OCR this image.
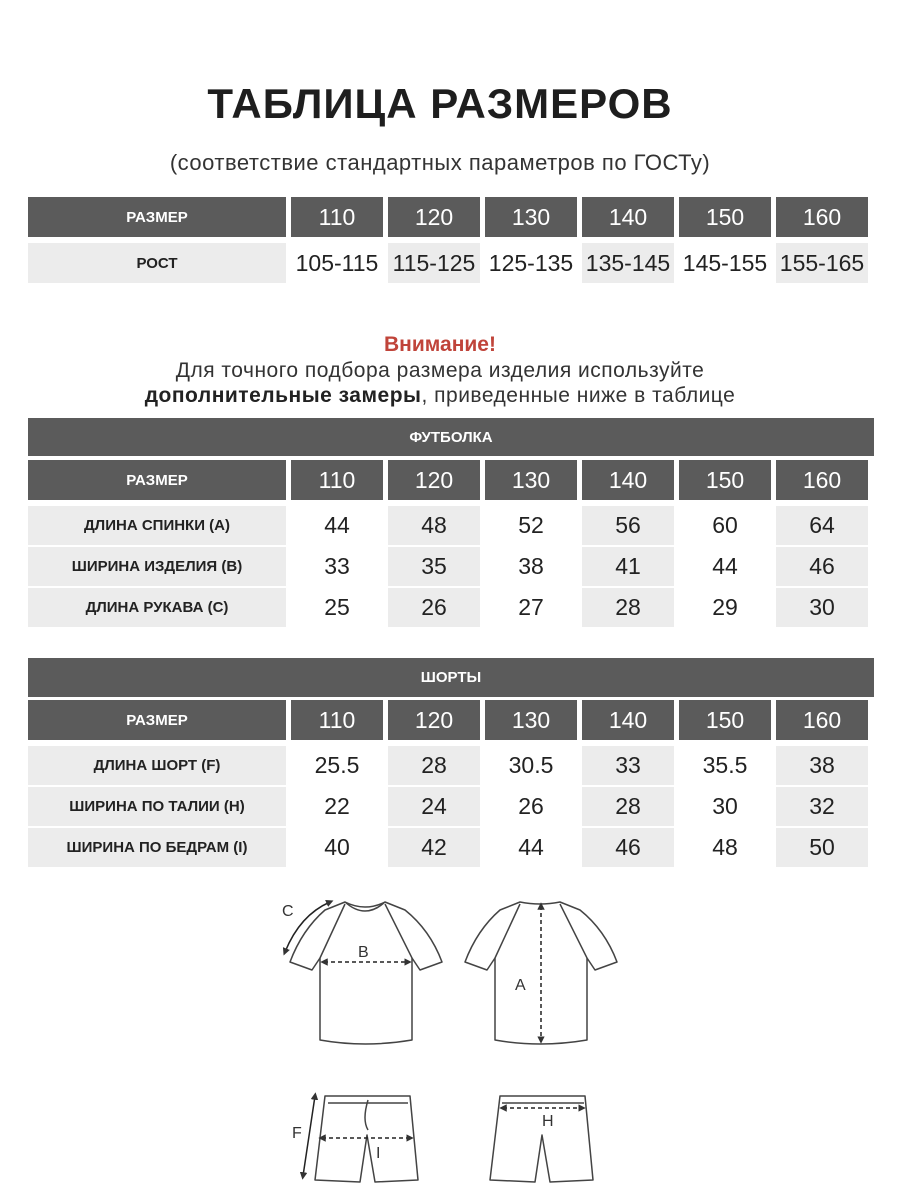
ТАБЛИЦА РАЗМЕРОВ
(соответствие стандартных параметров по ГОСТу)
РАЗМЕР	110	120	130	140	150	160
РОСТ	105-115 115-125 125-135 135-145 145-155 155-165
Внимание!
Для точного подбора размера изделия используйте
дополнительные замеры, приведенные ниже в таблице
ФУТБОЛКА
РАЗМЕР	110	120	130	140	150	160
ДЛИНА СПИНКИ (А)	44	48	52	56	60	64
ШИРИНА ИЗДЕЛИЯ (B)	33	35	38	41	44	46
ДЛИНА РУКАВА (C)	25	26	27	28	29	30
ШОРТЫ
РАЗМЕР	110	120	130	140	150	160
ДЛИНА ШОРТ (F)	25.5	28	30.5	33	35.5	38
ШИРИНА ПО ТАЛИИ (H)	22	24	26	28	30	32
ШИРИНА ПО БЕДРАМ (I)	40	42	44	46	48	50
C
B
A
F
I
H
